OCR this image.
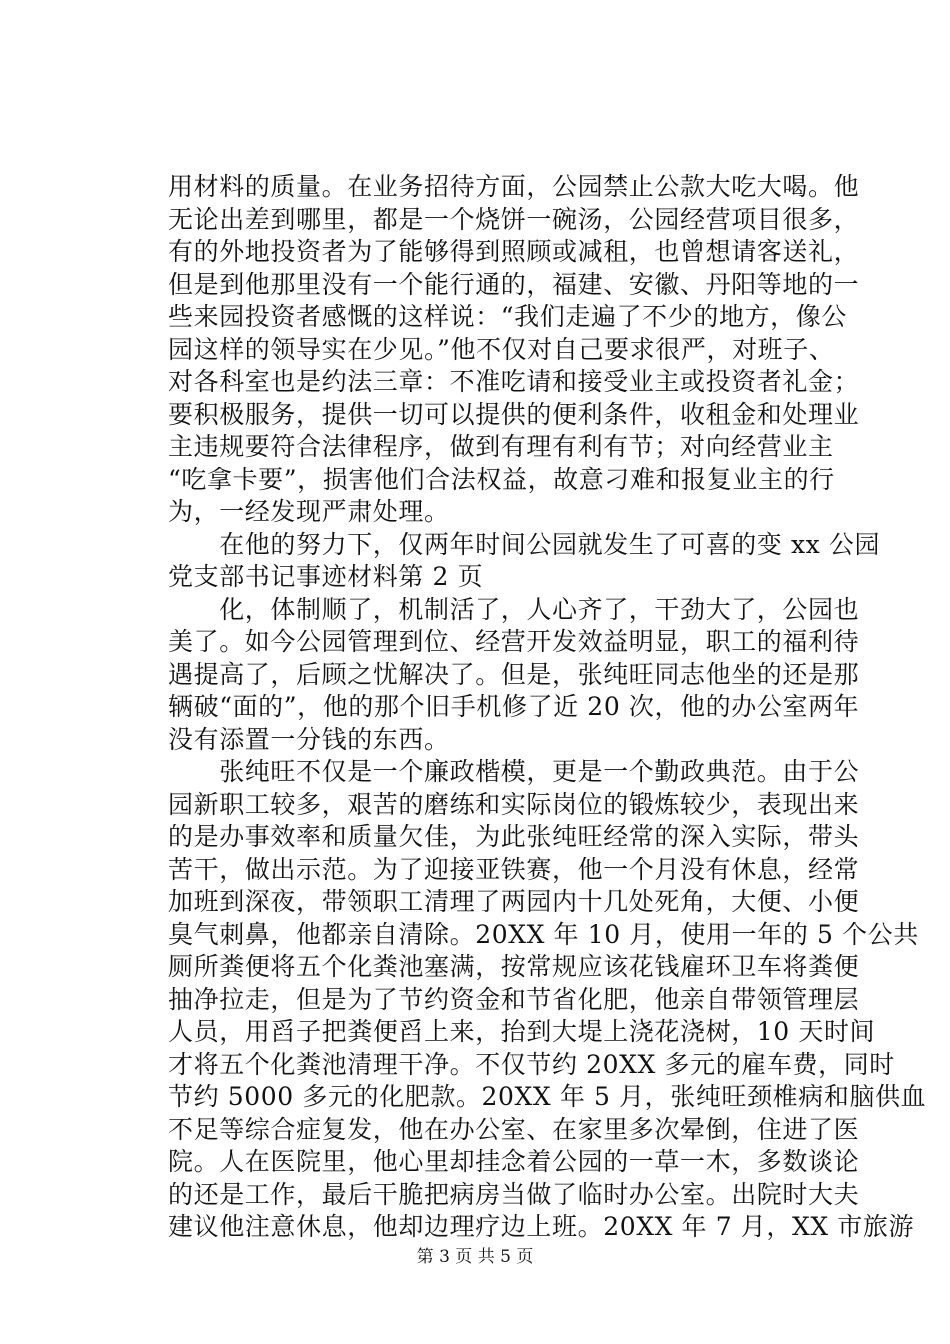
用材料的质量。在业务招待方面，公园禁止公款大吃大喝。他
无论出差到哪里，都是一个烧饼一碗汤，公园经营项目很多，
有的外地投资者为了能够得到照顾或减租，也曾想请客送礼，
但是到他那里没有一个能行通的，福建、安徽、丹阳等地的一
些来园投资者感慨的这样说：“我们走遍了不少的地方，像公
园这样的领导实在少见。”他不仅对自己要求很严，对班子、
对各科室也是约法三章：不准吃请和接受业主或投资者礼金；
要积极服务，提供一切可以提供的便利条件，收租金和处理业
主违规要符合法律程序，做到有理有利有节；对向经营业主
“吃拿卡要”，损害他们合法权益，故意刁难和报复业主的行
为，一经发现严肃处理。
　　在他的努力下，仅两年时间公园就发生了可喜的变 xx 公园
党支部书记事迹材料第 2 页
　　化，体制顺了，机制活了，人心齐了，干劲大了，公园也
美了。如今公园管理到位、经营开发效益明显，职工的福利待
遇提高了，后顾之忧解决了。但是，张纯旺同志他坐的还是那
辆破“面的”，他的那个旧手机修了近 20 次，他的办公室两年
没有添置一分钱的东西。
　　张纯旺不仅是一个廉政楷模，更是一个勤政典范。由于公
园新职工较多，艰苦的磨练和实际岗位的锻炼较少，表现出来
的是办事效率和质量欠佳，为此张纯旺经常的深入实际，带头
苦干，做出示范。为了迎接亚铁赛，他一个月没有休息，经常
加班到深夜，带领职工清理了两园内十几处死角，大便、小便
臭气刺鼻，他都亲自清除。20XX 年 10 月，使用一年的 5 个公共
厕所粪便将五个化粪池塞满，按常规应该花钱雇环卫车将粪便
抽净拉走，但是为了节约资金和节省化肥，他亲自带领管理层
人员，用舀子把粪便舀上来，抬到大堤上浇花浇树，10 天时间
才将五个化粪池清理干净。不仅节约 20XX 多元的雇车费，同时
节约 5000 多元的化肥款。20XX 年 5 月，张纯旺颈椎病和脑供血
不足等综合症复发，他在办公室、在家里多次晕倒，住进了医
院。人在医院里，他心里却挂念着公园的一草一木，多数谈论
的还是工作，最后干脆把病房当做了临时办公室。出院时大夫
建议他注意休息，他却边理疗边上班。20XX 年 7 月，XX 市旅游
第 3 页 共 5 页
